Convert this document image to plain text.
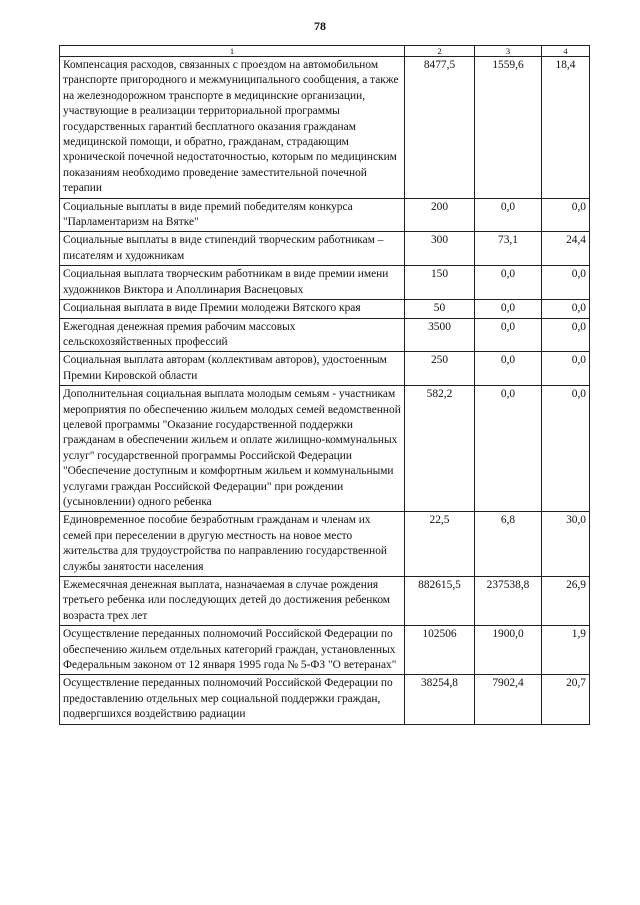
78
1	2	3	4
Компенсация расходов, связанных с проездом на автомобильном транспорте пригородного и межмуниципального сообщения, а также на железнодорожном транспорте в медицинские организации, участвующие в реализации территориальной программы государственных гарантий бесплатного оказания гражданам медицинской помощи, и обратно, гражданам, страдающим хронической почечной недостаточностью, которым по медицинским показаниям необходимо проведение заместительной почечной терапии	8477,5	1559,6	18,4
Социальные выплаты в виде премий победителям конкурса "Парламентаризм на Вятке"	200	0,0	0,0
Социальные выплаты в виде стипендий творческим работникам – писателям и художникам	300	73,1	24,4
Социальная выплата творческим работникам в виде премии имени художников Виктора и Аполлинария Васнецовых	150	0,0	0,0
Социальная выплата в виде Премии молодежи Вятского края	50	0,0	0,0
Ежегодная денежная премия рабочим массовых сельскохозяйственных профессий	3500	0,0	0,0
Социальная выплата авторам (коллективам авторов), удостоенным Премии Кировской области	250	0,0	0,0
Дополнительная социальная выплата молодым семьям - участникам мероприятия по обеспечению жильем молодых семей ведомственной целевой программы "Оказание государственной поддержки гражданам в обеспечении жильем и оплате жилищно-коммунальных услуг" государственной программы Российской Федерации "Обеспечение доступным и комфортным жильем и коммунальными услугами граждан Российской Федерации" при рождении (усыновлении) одного ребенка	582,2	0,0	0,0
Единовременное пособие безработным гражданам и членам их семей при переселении в другую местность на новое место жительства для трудоустройства по направлению государственной службы занятости населения	22,5	6,8	30,0
Ежемесячная денежная выплата, назначаемая в случае рождения третьего ребенка или последующих детей до достижения ребенком возраста трех лет	882615,5	237538,8	26,9
Осуществление переданных полномочий Российской Федерации по обеспечению жильем отдельных категорий граждан, установленных Федеральным законом от 12 января 1995 года № 5-ФЗ "О ветеранах"	102506	1900,0	1,9
Осуществление переданных полномочий Российской Федерации по предоставлению отдельных мер социальной поддержки граждан, подвергшихся воздействию радиации	38254,8	7902,4	20,7
